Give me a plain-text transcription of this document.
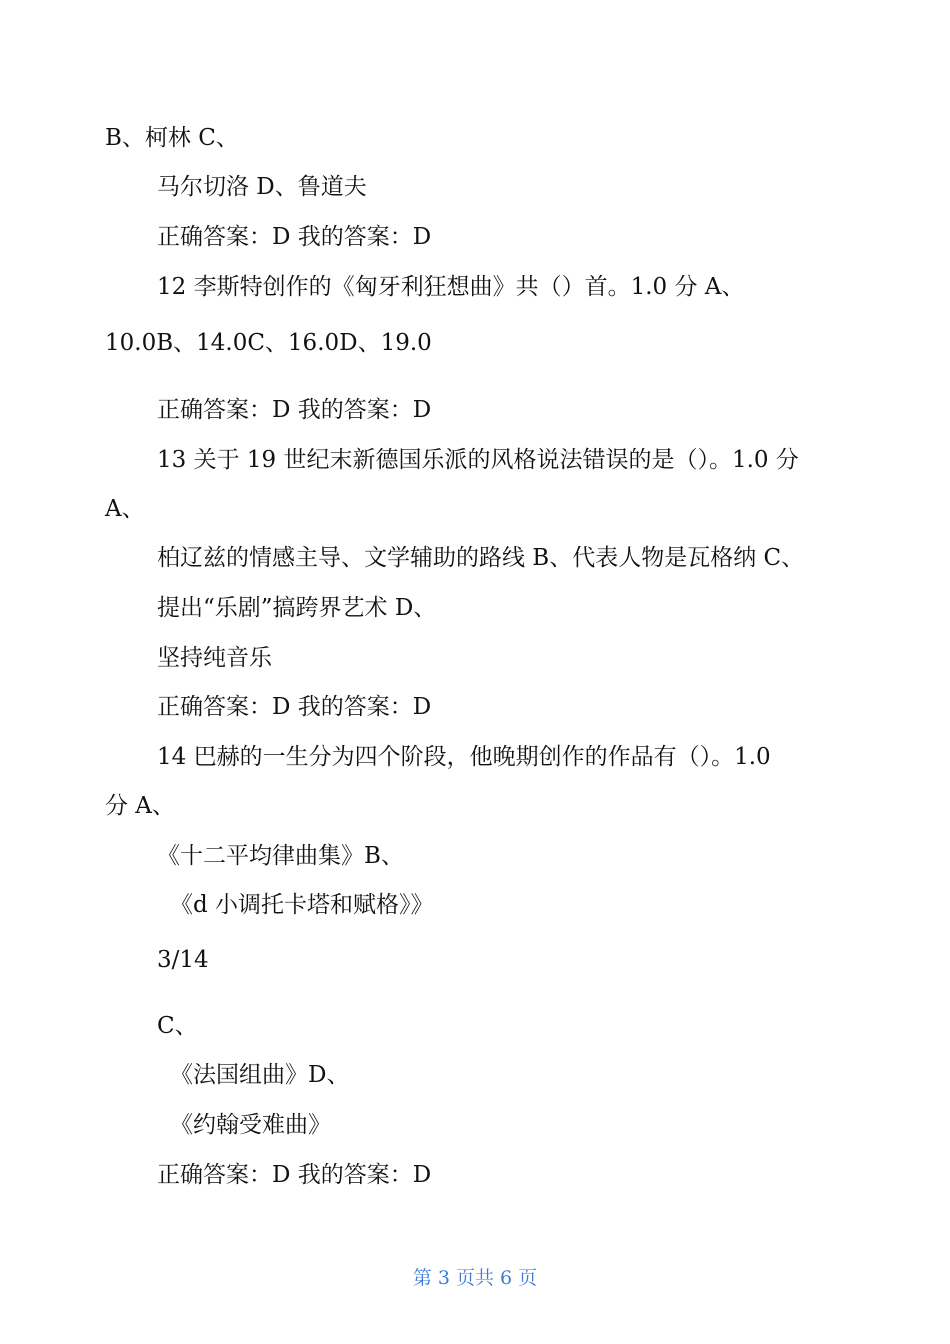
B、柯林 C、
马尔切洛 D、鲁道夫
正确答案：D 我的答案：D
12 李斯特创作的《匈牙利狂想曲》共（）首。1.0 分 A、
10.0B、14.0C、16.0D、19.0
正确答案：D 我的答案：D
13 关于 19 世纪末新德国乐派的风格说法错误的是（）。1.0 分
A、
柏辽兹的情感主导、文学辅助的路线 B、代表人物是瓦格纳 C、
提出“乐剧”搞跨界艺术 D、
坚持纯音乐
正确答案：D 我的答案：D
14 巴赫的一生分为四个阶段，他晚期创作的作品有（）。1.0
分 A、
《十二平均律曲集》B、
《d 小调托卡塔和赋格》》
3/14
C、
《法国组曲》D、
《约翰受难曲》
正确答案：D 我的答案：D
第 3 页共 6 页
